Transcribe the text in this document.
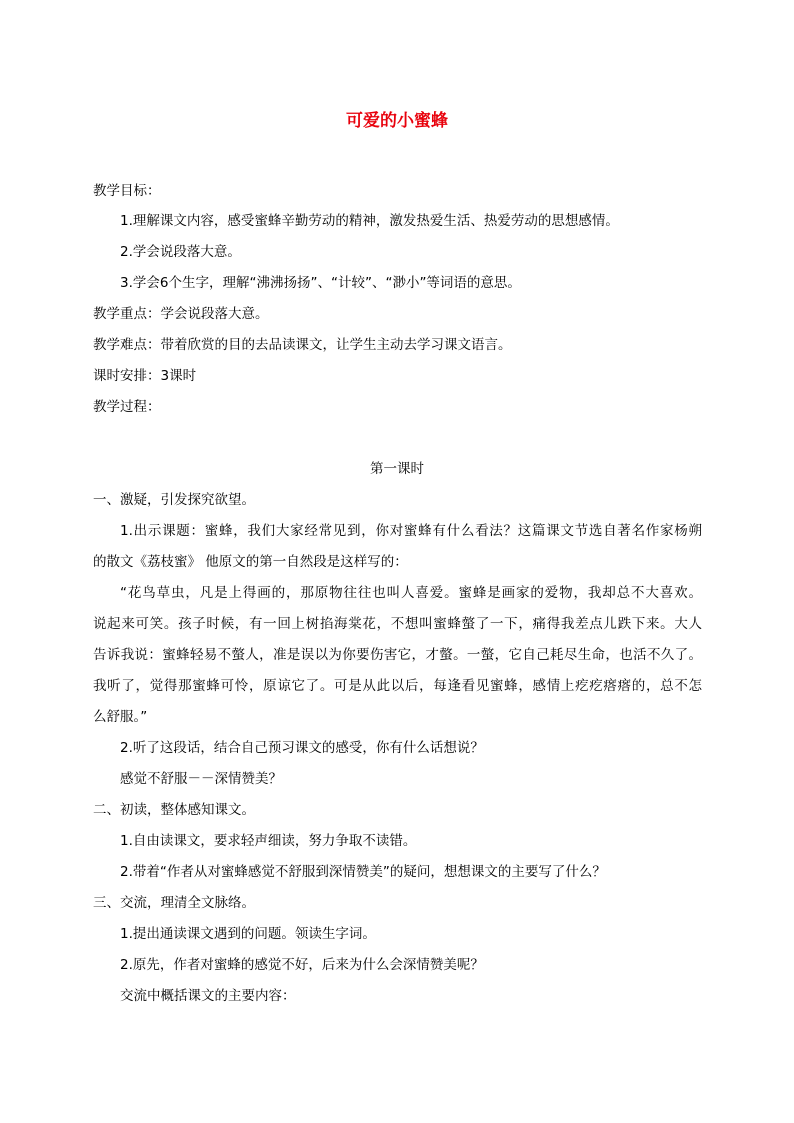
可爱的小蜜蜂
教学目标：
1.理解课文内容，感受蜜蜂辛勤劳动的精神，激发热爱生活、热爱劳动的思想感情。
2.学会说段落大意。
3.学会6个生字，理解“沸沸扬扬”、“计较”、“渺小”等词语的意思。
教学重点：学会说段落大意。
教学难点：带着欣赏的目的去品读课文，让学生主动去学习课文语言。
课时安排：3课时
教学过程：
第一课时
一、激疑，引发探究欲望。
1.出示课题：蜜蜂，我们大家经常见到，你对蜜蜂有什么看法？这篇课文节选自著名作家杨朔
的散文《荔枝蜜》 他原文的第一自然段是这样写的：
“花鸟草虫，凡是上得画的，那原物往往也叫人喜爱。蜜蜂是画家的爱物，我却总不大喜欢。
说起来可笑。孩子时候，有一回上树掐海棠花，不想叫蜜蜂螫了一下，痛得我差点儿跌下来。大人
告诉我说：蜜蜂轻易不螫人，准是误以为你要伤害它，才螫。一螫，它自己耗尽生命，也活不久了。
我听了，觉得那蜜蜂可怜，原谅它了。可是从此以后，每逢看见蜜蜂，感情上疙疙瘩瘩的，总不怎
么舒服。”
2.听了这段话，结合自己预习课文的感受，你有什么话想说？
感觉不舒服－－深情赞美？
二、初读，整体感知课文。
1.自由读课文，要求轻声细读，努力争取不读错。
2.带着“作者从对蜜蜂感觉不舒服到深情赞美”的疑问，想想课文的主要写了什么？
三、交流，理清全文脉络。
1.提出通读课文遇到的问题。领读生字词。
2.原先，作者对蜜蜂的感觉不好，后来为什么会深情赞美呢？
交流中概括课文的主要内容：
